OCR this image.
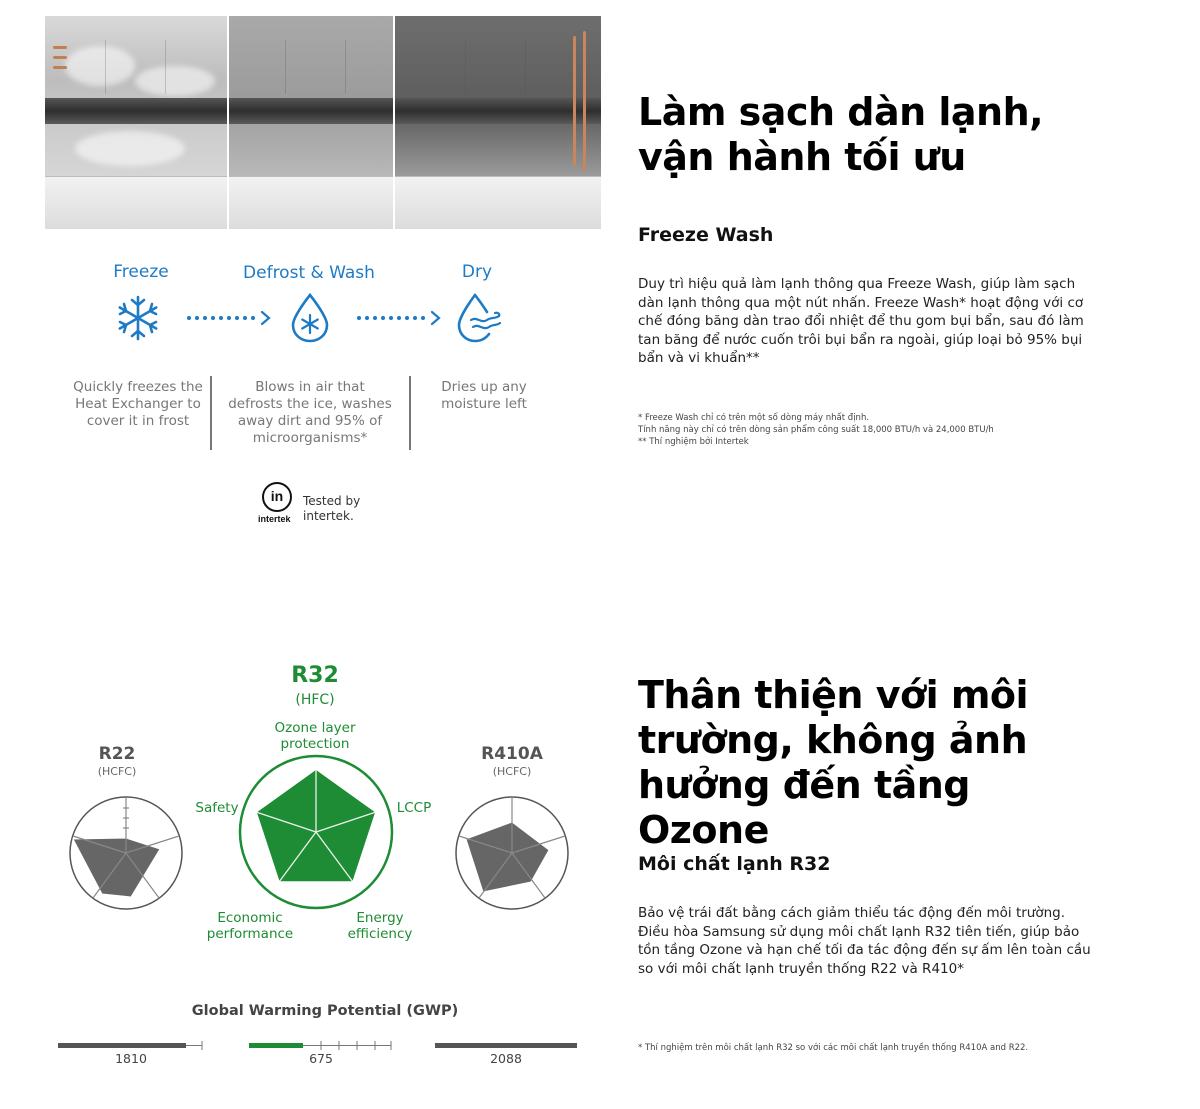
Freeze	Defrost & Wash	Dry
Quickly freezes the Heat Exchanger to cover it in frost
Blows in air that defrosts the ice, washes away dirt and 95% of microorganisms*
Dries up any moisture left
in
intertek
Tested by
intertek.
Làm sạch dàn lạnh, vận hành tối ưu
Freeze Wash
Duy trì hiệu quả làm lạnh thông qua Freeze Wash, giúp làm sạch dàn lạnh thông qua một nút nhấn. Freeze Wash* hoạt động với cơ chế đóng băng dàn trao đổi nhiệt để thu gom bụi bẩn, sau đó làm tan băng để nước cuốn trôi bụi bẩn ra ngoài, giúp loại bỏ 95% bụi bẩn và vi khuẩn**
* Freeze Wash chỉ có trên một số dòng máy nhất định.
Tính năng này chỉ có trên dòng sản phẩm công suất 18,000 BTU/h và 24,000 BTU/h
** Thí nghiệm bởi Intertek
R32
(HFC)
R22
(HCFC)
R410A
(HCFC)
Ozone layer protection
LCCP
Energy efficiency
Economic performance
Safety
Global Warming Potential (GWP)
1810	675	2088
Thân thiện với môi trường, không ảnh hưởng đến tầng Ozone
Môi chất lạnh R32
Bảo vệ trái đất bằng cách giảm thiểu tác động đến môi trường. Điều hòa Samsung sử dụng môi chất lạnh R32 tiên tiến, giúp bảo tồn tầng Ozone và hạn chế tối đa tác động đến sự ấm lên toàn cầu so với môi chất lạnh truyền thống R22 và R410*
* Thí nghiệm trên môi chất lạnh R32 so với các môi chất lạnh truyền thống R410A and R22.
